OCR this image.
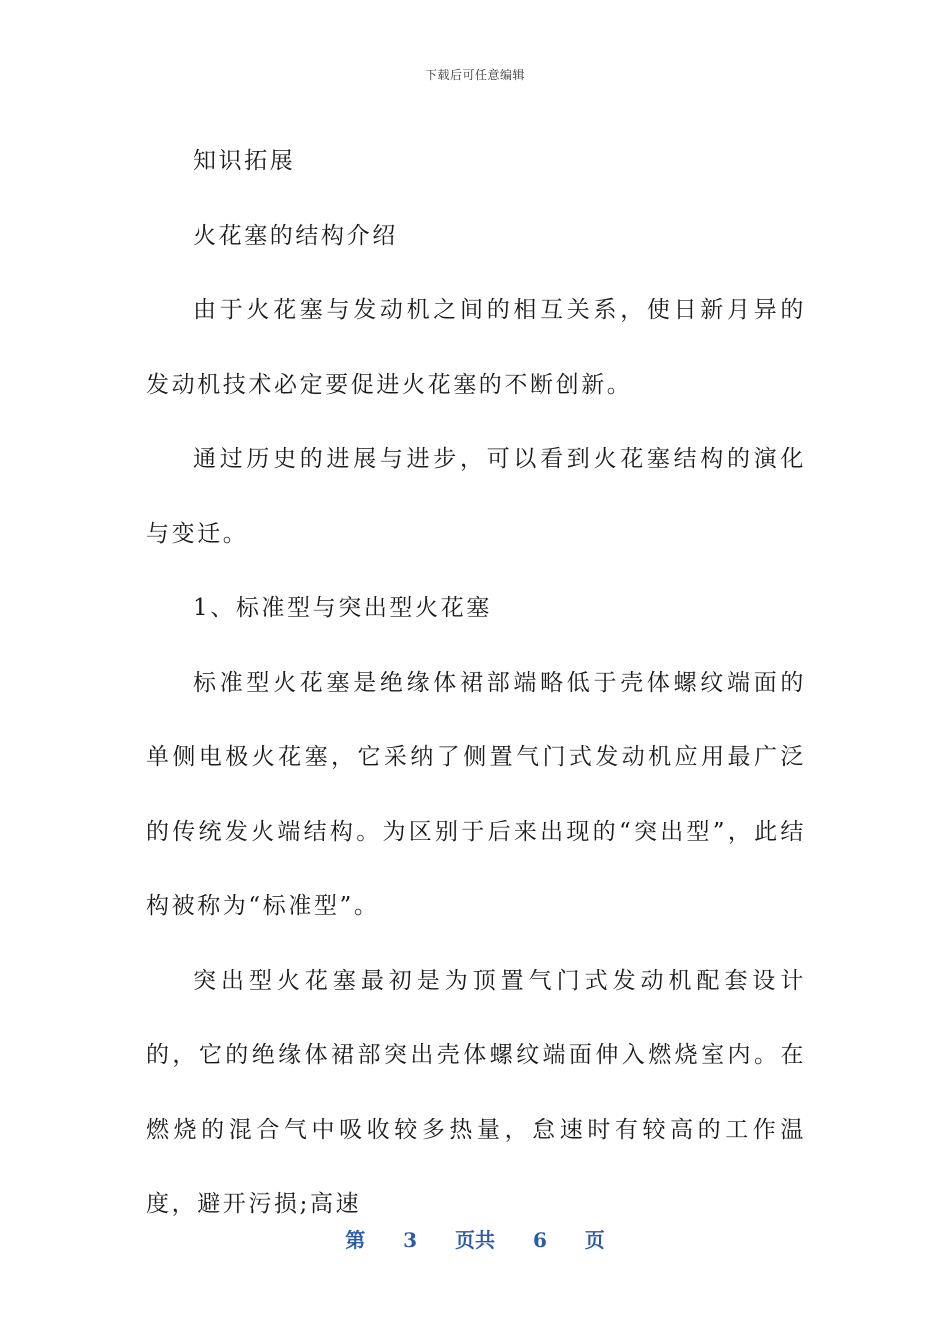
下载后可任意编辑

知识拓展

火花塞的结构介绍

由于火花塞与发动机之间的相互关系，使日新月异的发动机技术必定要促进火花塞的不断创新。

通过历史的进展与进步，可以看到火花塞结构的演化与变迁。

1、标准型与突出型火花塞

标准型火花塞是绝缘体裙部端略低于壳体螺纹端面的单侧电极火花塞，它采纳了侧置气门式发动机应用最广泛的传统发火端结构。为区别于后来出现的“突出型”，此结构被称为“标准型”。

突出型火花塞最初是为顶置气门式发动机配套设计的，它的绝缘体裙部突出壳体螺纹端面伸入燃烧室内。在燃烧的混合气中吸收较多热量，怠速时有较高的工作温度，避开污损;高速

第 3 页共 6 页
